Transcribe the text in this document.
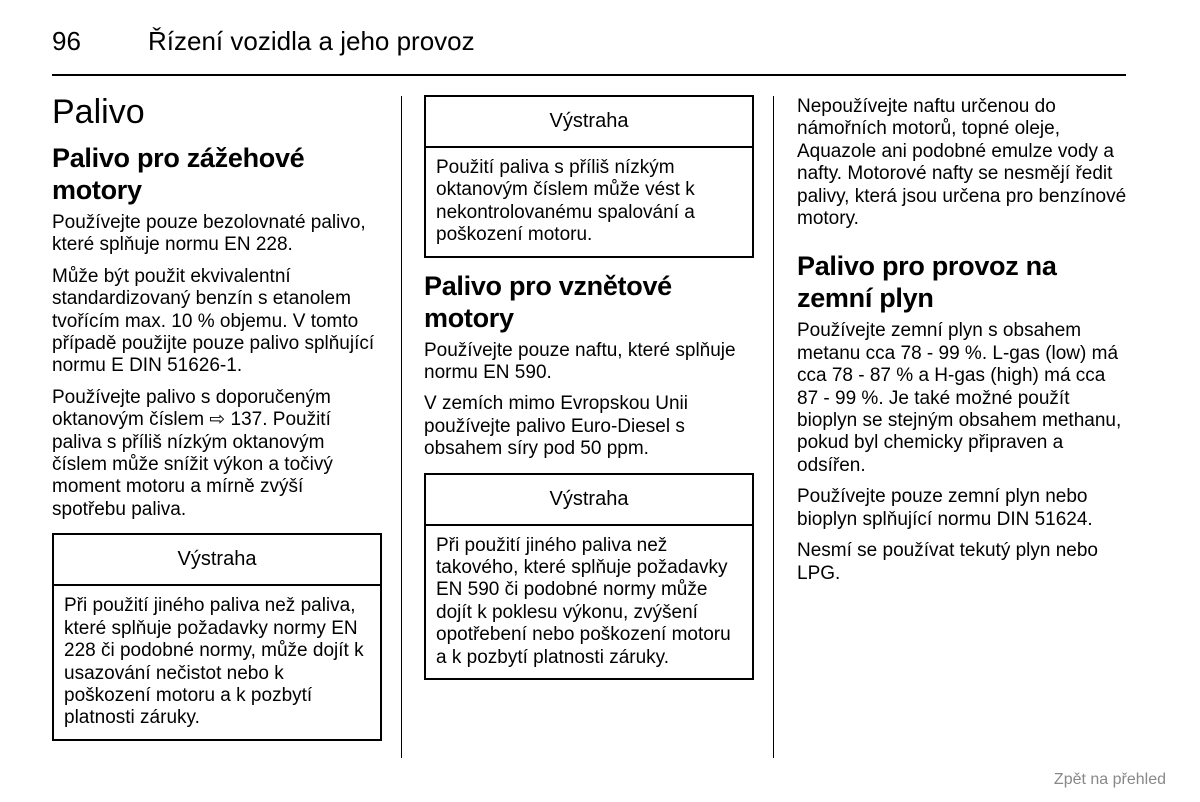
96	Řízení vozidla a jeho provoz
Palivo
Palivo pro zážehové motory

Používejte pouze bezolovnaté palivo, které splňuje normu EN 228.

Může být použit ekvivalentní standardizovaný benzín s etanolem tvořícím max. 10 % objemu. V tomto případě použijte pouze palivo splňující normu E DIN 51626-1.

Používejte palivo s doporučeným oktanovým číslem ⇨ 137. Použití paliva s příliš nízkým oktanovým číslem může snížit výkon a točivý moment motoru a mírně zvýší spotřebu paliva.

Výstraha

Při použití jiného paliva než paliva, které splňuje požadavky normy EN 228 či podobné normy, může dojít k usazování nečistot nebo k poškození motoru a k pozbytí platnosti záruky.

Výstraha

Použití paliva s příliš nízkým oktanovým číslem může vést k nekontrolovanému spalování a poškození motoru.

Palivo pro vznětové motory

Používejte pouze naftu, které splňuje normu EN 590.

V zemích mimo Evropskou Unii používejte palivo Euro-Diesel s obsahem síry pod 50 ppm.

Výstraha

Při použití jiného paliva než takového, které splňuje požadavky EN 590 či podobné normy může dojít k poklesu výkonu, zvýšení opotřebení nebo poškození motoru a k pozbytí platnosti záruky.

Nepoužívejte naftu určenou do námořních motorů, topné oleje, Aquazole ani podobné emulze vody a nafty. Motorové nafty se nesmějí ředit palivy, která jsou určena pro benzínové motory.

Palivo pro provoz na zemní plyn

Používejte zemní plyn s obsahem metanu cca 78 - 99 %. L-gas (low) má cca 78 - 87 % a H-gas (high) má cca 87 - 99 %. Je také možné použít bioplyn se stejným obsahem methanu, pokud byl chemicky připraven a odsířen.

Používejte pouze zemní plyn nebo bioplyn splňující normu DIN 51624.

Nesmí se používat tekutý plyn nebo LPG.

Zpět na přehled
